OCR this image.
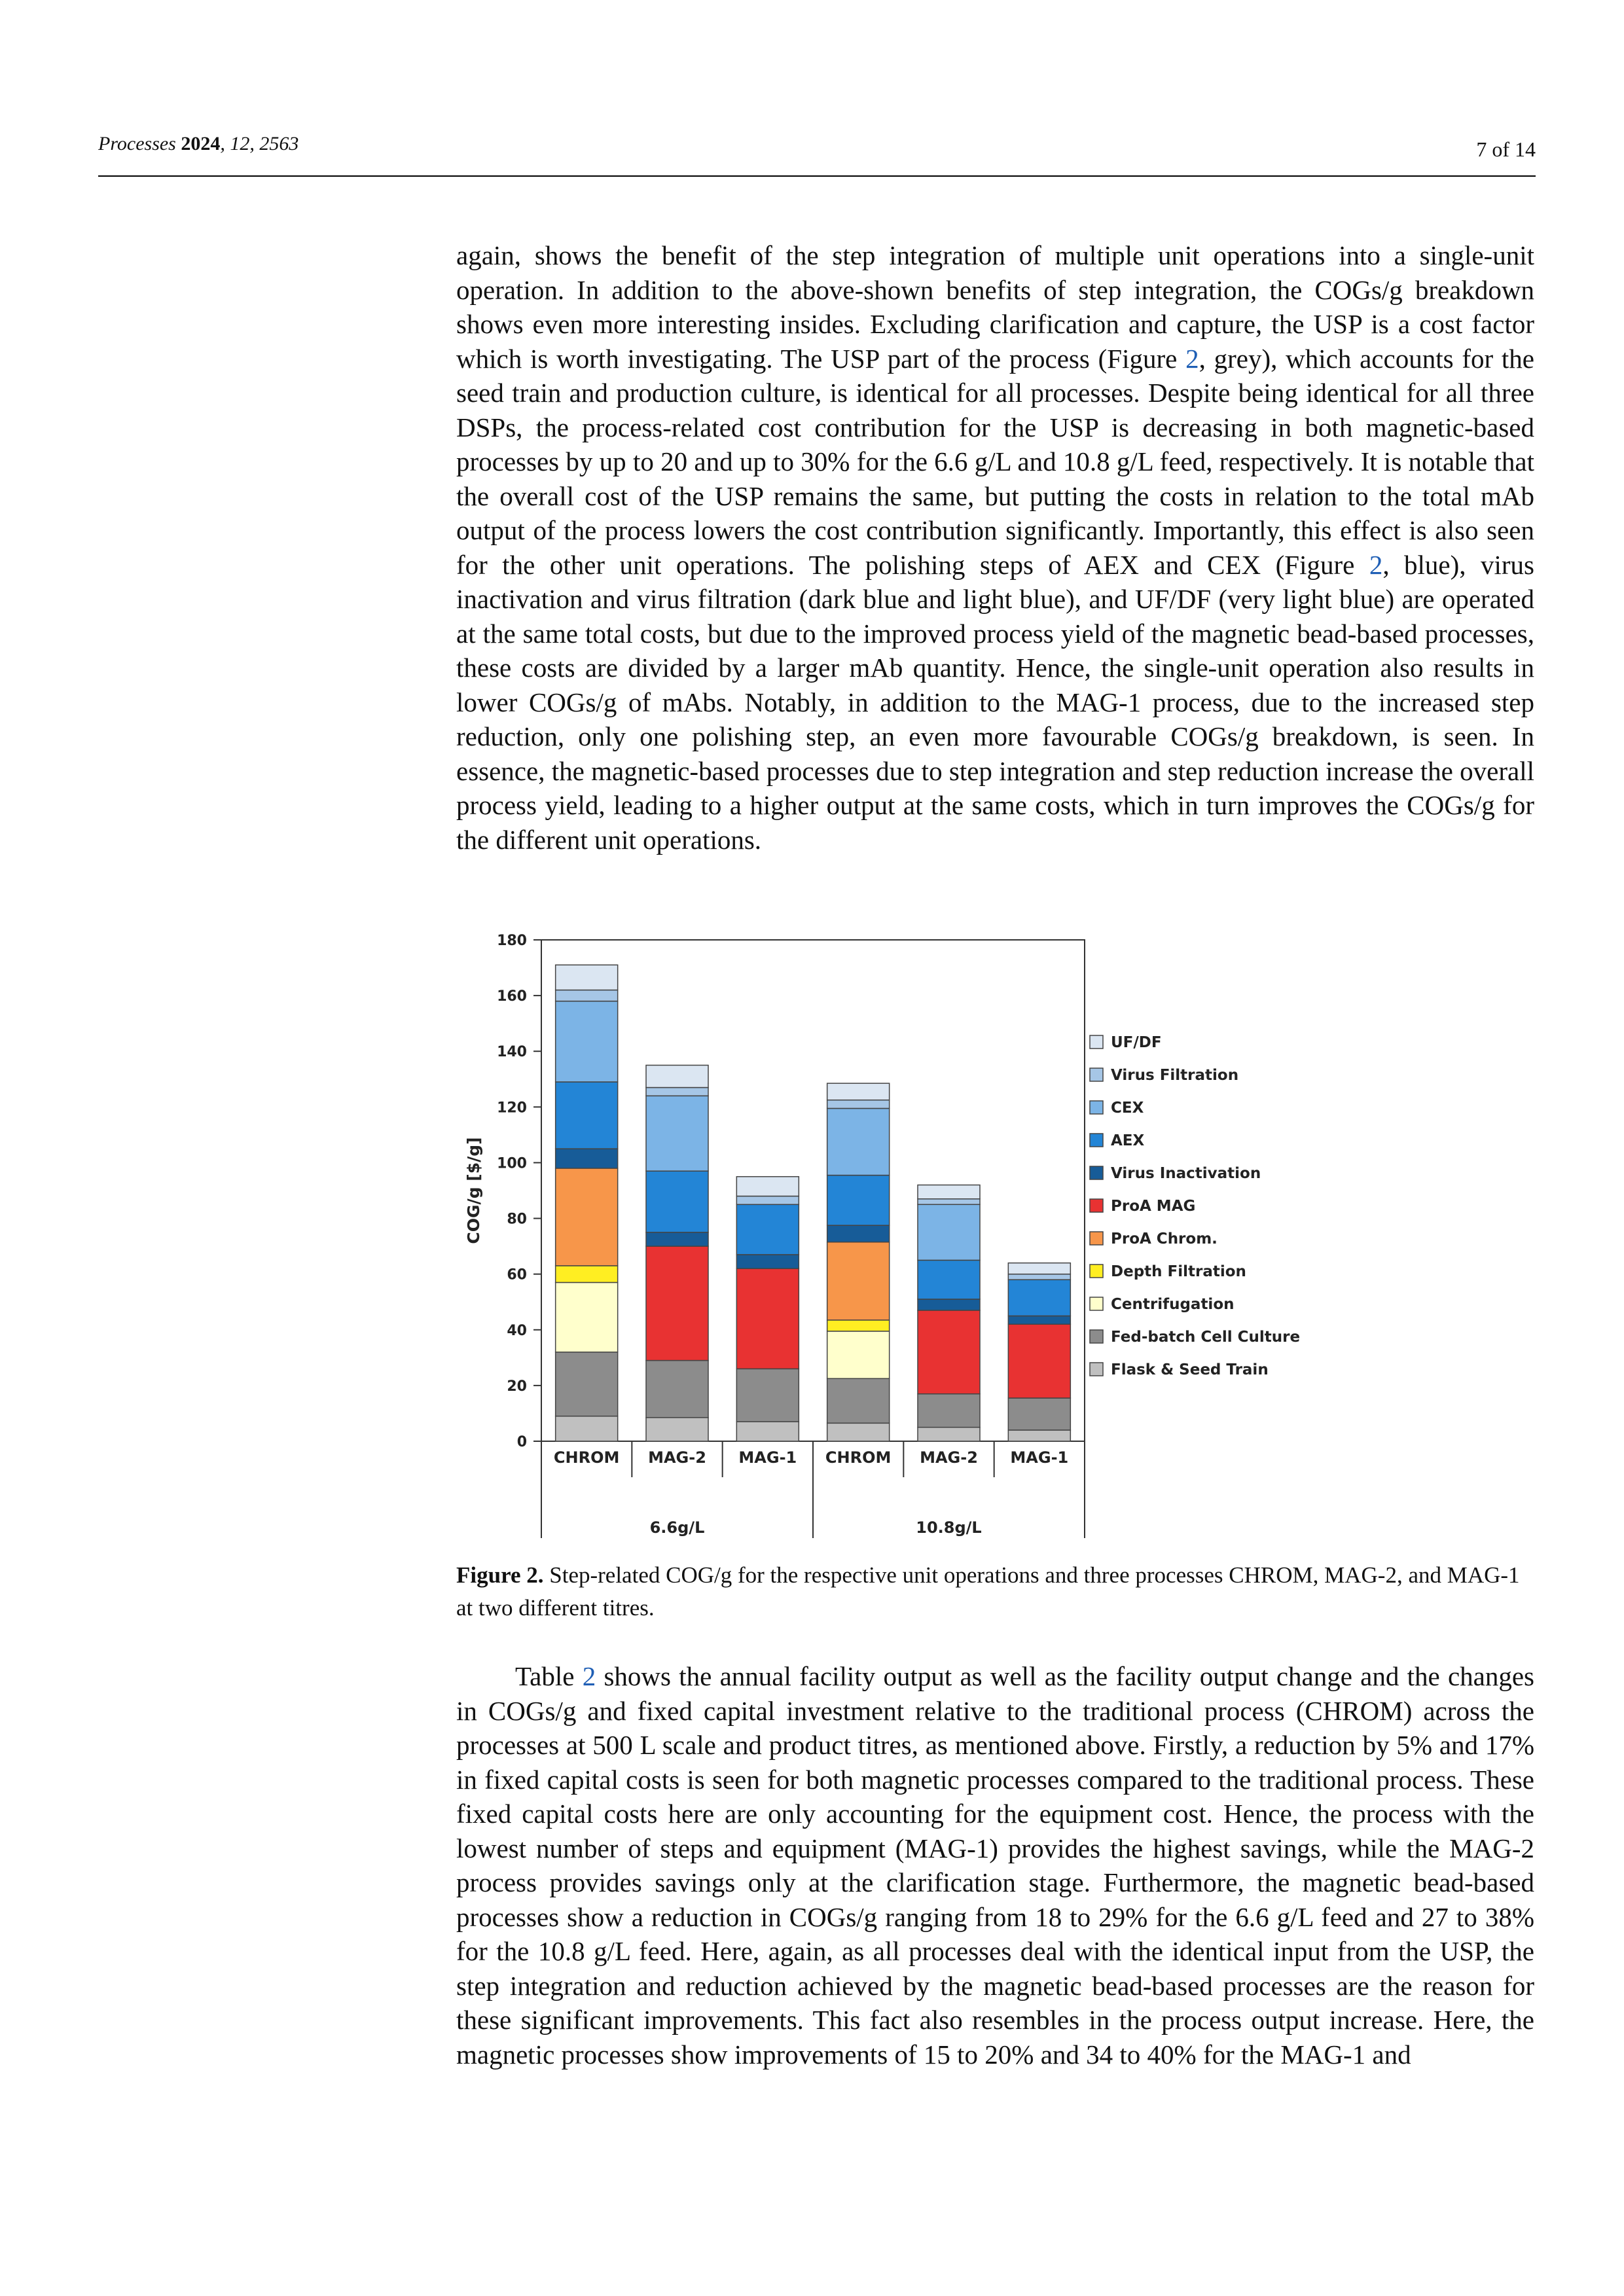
Processes 2024, 12, 2563	7 of 14

again, shows the benefit of the step integration of multiple unit operations into a single-unit operation. In addition to the above-shown benefits of step integration, the COGs/g breakdown shows even more interesting insides. Excluding clarification and capture, the USP is a cost factor which is worth investigating. The USP part of the process (Figure 2, grey), which accounts for the seed train and production culture, is identical for all processes. Despite being identical for all three DSPs, the process-related cost contribution for the USP is decreasing in both magnetic-based processes by up to 20 and up to 30% for the 6.6 g/L and 10.8 g/L feed, respectively. It is notable that the overall cost of the USP remains the same, but putting the costs in relation to the total mAb output of the process lowers the cost contribution significantly. Importantly, this effect is also seen for the other unit operations. The polishing steps of AEX and CEX (Figure 2, blue), virus inactivation and virus filtration (dark blue and light blue), and UF/DF (very light blue) are operated at the same total costs, but due to the improved process yield of the magnetic bead-based processes, these costs are divided by a larger mAb quantity. Hence, the single-unit operation also results in lower COGs/g of mAbs. Notably, in addition to the MAG-1 process, due to the increased step reduction, only one polishing step, an even more favourable COGs/g breakdown, is seen. In essence, the magnetic-based processes due to step integration and step reduction increase the overall process yield, leading to a higher output at the same costs, which in turn improves the COGs/g for the different unit operations.

0
20
40
60
80
100
120
140
160
180
COG/g [$/g]
UF/DF
Virus Filtration
CEX
AEX
Virus Inactivation
ProA MAG
ProA Chrom.
Depth Filtration
Centrifugation
Fed-batch Cell Culture
Flask & Seed Train
CHROM MAG-2 MAG-1 CHROM MAG-2 MAG-1
6.6g/L	10.8g/L
Figure 2. Step-related COG/g for the respective unit operations and three processes CHROM, MAG-2, and MAG-1 at two different titres.

Table 2 shows the annual facility output as well as the facility output change and the changes in COGs/g and fixed capital investment relative to the traditional process (CHROM) across the processes at 500 L scale and product titres, as mentioned above. Firstly, a reduction by 5% and 17% in fixed capital costs is seen for both magnetic processes compared to the traditional process. These fixed capital costs here are only accounting for the equipment cost. Hence, the process with the lowest number of steps and equipment (MAG-1) provides the highest savings, while the MAG-2 process provides savings only at the clarification stage. Furthermore, the magnetic bead-based processes show a reduction in COGs/g ranging from 18 to 29% for the 6.6 g/L feed and 27 to 38% for the 10.8 g/L feed. Here, again, as all processes deal with the identical input from the USP, the step integration and reduction achieved by the magnetic bead-based processes are the reason for these significant improvements. This fact also resembles in the process output increase. Here, the magnetic processes show improvements of 15 to 20% and 34 to 40% for the MAG-1 and
